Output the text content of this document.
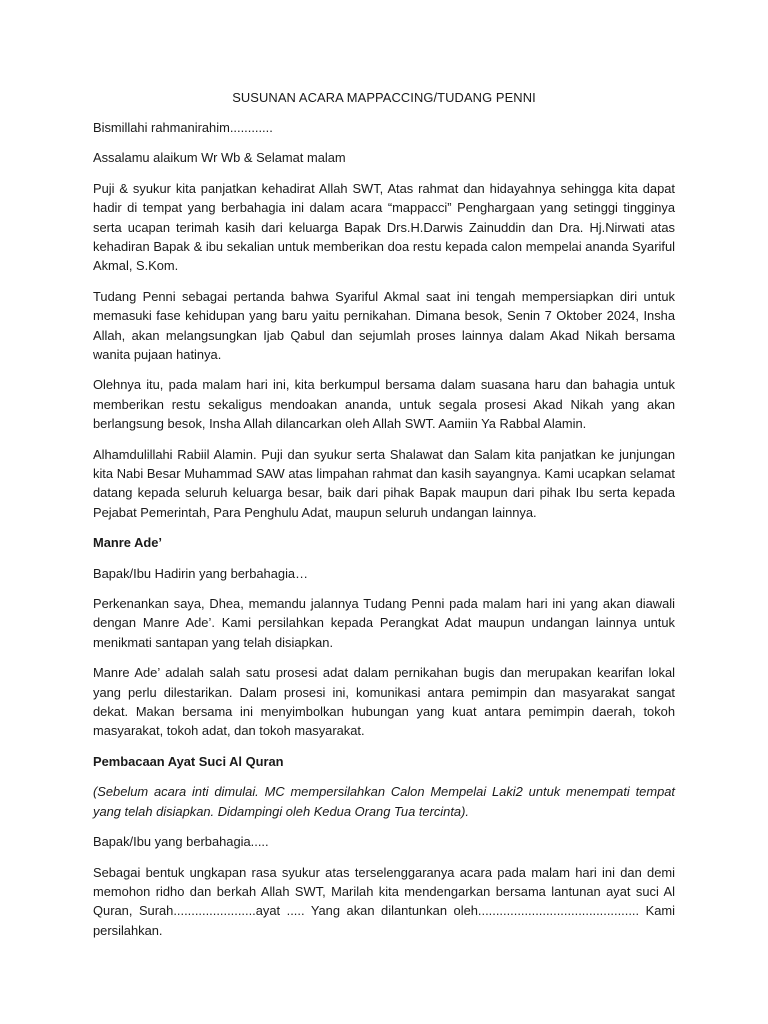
SUSUNAN ACARA MAPPACCING/TUDANG PENNI

Bismillahi rahmanirahim............

Assalamu alaikum Wr Wb & Selamat malam

Puji & syukur kita panjatkan kehadirat Allah SWT, Atas rahmat dan hidayahnya sehingga kita dapat hadir di tempat yang berbahagia ini dalam acara “mappacci” Penghargaan yang setinggi tingginya serta ucapan terimah kasih dari keluarga Bapak Drs.H.Darwis Zainuddin dan Dra. Hj.Nirwati atas kehadiran Bapak & ibu sekalian untuk memberikan doa restu kepada calon mempelai ananda Syariful Akmal, S.Kom.

Tudang Penni sebagai pertanda bahwa Syariful Akmal saat ini tengah mempersiapkan diri untuk memasuki fase kehidupan yang baru yaitu pernikahan. Dimana besok, Senin 7 Oktober 2024, Insha Allah, akan melangsungkan Ijab Qabul dan sejumlah proses lainnya dalam Akad Nikah bersama wanita pujaan hatinya.

Olehnya itu, pada malam hari ini, kita berkumpul bersama dalam suasana haru dan bahagia untuk memberikan restu sekaligus mendoakan ananda, untuk segala prosesi Akad Nikah yang akan berlangsung besok, Insha Allah dilancarkan oleh Allah SWT. Aamiin Ya Rabbal Alamin.

Alhamdulillahi Rabiil Alamin. Puji dan syukur serta Shalawat dan Salam kita panjatkan ke junjungan kita Nabi Besar Muhammad SAW atas limpahan rahmat dan kasih sayangnya. Kami ucapkan selamat datang kepada seluruh keluarga besar, baik dari pihak Bapak maupun dari pihak Ibu serta kepada Pejabat Pemerintah, Para Penghulu Adat, maupun seluruh undangan lainnya.

Manre Ade’

Bapak/Ibu Hadirin yang berbahagia…

Perkenankan saya, Dhea, memandu jalannya Tudang Penni pada malam hari ini yang akan diawali dengan Manre Ade’. Kami persilahkan kepada Perangkat Adat maupun undangan lainnya untuk menikmati santapan yang telah disiapkan.

Manre Ade’ adalah salah satu prosesi adat dalam pernikahan bugis dan merupakan kearifan lokal yang perlu dilestarikan. Dalam prosesi ini, komunikasi antara pemimpin dan masyarakat sangat dekat. Makan bersama ini menyimbolkan hubungan yang kuat antara pemimpin daerah, tokoh masyarakat, tokoh adat, dan tokoh masyarakat.

Pembacaan Ayat Suci Al Quran

(Sebelum acara inti dimulai. MC mempersilahkan Calon Mempelai Laki2 untuk menempati tempat yang telah disiapkan. Didampingi oleh Kedua Orang Tua tercinta).

Bapak/Ibu yang berbahagia.....

Sebagai bentuk ungkapan rasa syukur atas terselenggaranya acara pada malam hari ini dan demi memohon ridho dan berkah Allah SWT, Marilah kita mendengarkan bersama lantunan ayat suci Al Quran, Surah.......................ayat ..... Yang akan dilantunkan oleh............................................. Kami persilahkan.
